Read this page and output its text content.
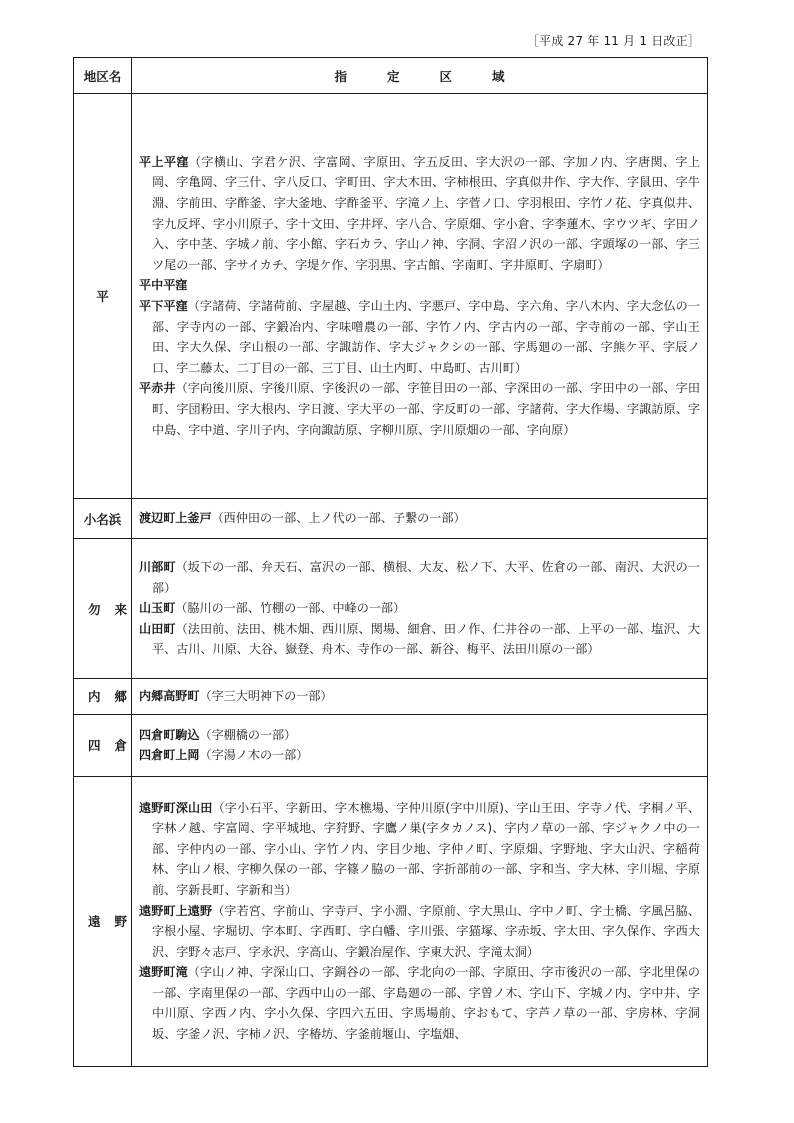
［平成 27 年 11 月 1 日改正］
地区名	指定区域
平	平上平窪（字横山、字君ケ沢、字富岡、字原田、字五反田、字大沢の一部、字加ノ内、字唐関、字上岡、字亀岡、字三什、字八反口、字町田、字大木田、字柿根田、字真似井作、字大作、字鼠田、字牛淵、字前田、字酢釜、字大釜地、字酢釜平、字滝ノ上、字菅ノ口、字羽根田、字竹ノ花、字真似井、字九反坪、字小川原子、字十文田、字井坪、字八合、字原畑、字小倉、字李蓮木、字ウツギ、字田ノ入、字中茎、字城ノ前、字小館、字石カラ、字山ノ神、字洞、字沼ノ沢の一部、字頭塚の一部、字三ツ尾の一部、字サイカチ、字堤ケ作、字羽黒、字古館、字南町、字井原町、字扇町）
平中平窪
平下平窪（字諸荷、字諸荷前、字屋越、字山土内、字悪戸、字中島、字六角、字八木内、字大念仏の一部、字寺内の一部、字鍛冶内、字味噌農の一部、字竹ノ内、字古内の一部、字寺前の一部、字山王田、字大久保、字山根の一部、字諏訪作、字大ジャクシの一部、字馬廻の一部、字熊ケ平、字辰ノ口、字二藤太、二丁目の一部、三丁目、山土内町、中島町、古川町）
平赤井（字向後川原、字後川原、字後沢の一部、字笹目田の一部、字深田の一部、字田中の一部、字田町、字団粉田、字大根内、字日渡、字大平の一部、字反町の一部、字諸荷、字大作場、字諏訪原、字中島、字中道、字川子内、字向諏訪原、字柳川原、字川原畑の一部、字向原）

小名浜	渡辺町上釜戸（西仲田の一部、上ノ代の一部、子繋の一部）

勿来	川部町（坂下の一部、弁天石、富沢の一部、横根、大友、松ノ下、大平、佐倉の一部、南沢、大沢の一部）
山玉町（脇川の一部、竹棚の一部、中峰の一部）
山田町（法田前、法田、桃木畑、西川原、関場、細倉、田ノ作、仁井谷の一部、上平の一部、塩沢、大平、古川、川原、大谷、嶽登、舟木、寺作の一部、新谷、梅平、法田川原の一部）

内郷	内郷高野町（字三大明神下の一部）

四倉	四倉町駒込（字棚橋の一部）
四倉町上岡（字湯ノ木の一部）

遠野	遠野町深山田（字小石平、字新田、字木樵場、字仲川原(字中川原)、字山王田、字寺ノ代、字桐ノ平、字林ノ越、字富岡、字平城地、字狩野、字鷹ノ巣(字タカノス)、字内ノ草の一部、字ジャクノ中の一部、字仲内の一部、字小山、字竹ノ内、字目少地、字仲ノ町、字原畑、字野地、字大山沢、字稲荷林、字山ノ根、字柳久保の一部、字篠ノ脇の一部、字折部前の一部、字和当、字大林、字川堀、字原前、字新長町、字新和当）
遠野町上遠野（字若宮、字前山、字寺戸、字小淵、字原前、字大黒山、字中ノ町、字土橋、字風呂脇、字根小屋、字堀切、字本町、字西町、字白幡、字川張、字猫塚、字赤坂、字太田、字久保作、字西大沢、字野々志戸、字永沢、字高山、字鍛冶屋作、字東大沢、字滝太洞）
遠野町滝（字山ノ神、字深山口、字銅谷の一部、字北向の一部、字原田、字市後沢の一部、字北里保の一部、字南里保の一部、字西中山の一部、字島廻の一部、字曽ノ木、字山下、字城ノ内、字中井、字中川原、字西ノ内、字小久保、字四六五田、字馬場前、字おもて、字芦ノ草の一部、字房林、字洞坂、字釜ノ沢、字柿ノ沢、字椿坊、字釜前堰山、字塩畑、
